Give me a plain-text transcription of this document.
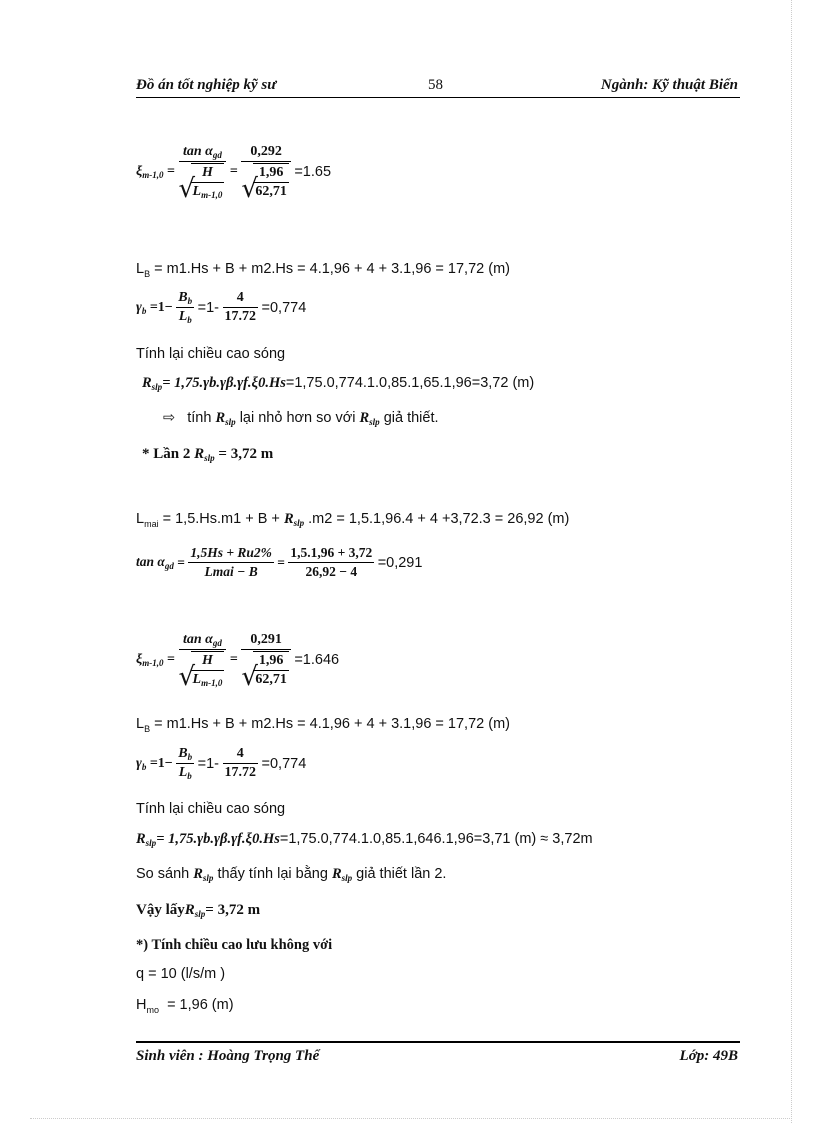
Đồ án tốt nghiệp kỹ sư	58	Ngành: Kỹ thuật Biển
$\xi_{m-1,0} = \tan \alpha_{gd}$
√ $\frac{H}{L_{m-1,0}} = 0,292$
√ $\frac{1,96}{62,71} =1.65$
$L_B = m1.Hs + B + m2.Hs = 4.1,96 + 4 + 3.1,96 = 17,72$ (m)
$\gamma_b =1- \frac{B_b}{L_b} =1- \frac{4}{17.72} =0,774$
Tính lại chiều cao sóng
$R_{slp}= 1,75.\gamma b.\gamma\beta.\gamma f.\xi 0.Hs=1,75.0,774.1.0,85.1,65.1,96=3,72$ (m)
⇨ tính $R_{slp}$ lại nhỏ hơn so với $R_{slp}$ giả thiết.
* Lần 2 $R_{slp} = 3,72$ m
$L_{mai} = 1,5.Hs.m1 + B + R_{slp}$ .m2 = 1,5.1,96.4 + 4 +3,72.3 = 26,92 (m)
$\tan \alpha_{gd} = \frac{1,5Hs + Ru2\%}{\text{Lmai − B}} = \frac{1,5.1,96 + 3,72}{26,92 - 4} =0,291$
$\xi_{m-1,0} = \tan \alpha_{gd}$
√ $\frac{H}{L_{m-1,0}} = 0,291$
√ $\frac{1,96}{62,71} =1.646$
$L_B = m1.Hs + B + m2.Hs = 4.1,96 + 4 + 3.1,96 = 17,72$ (m)
$\gamma_b =1- \frac{B_b}{L_b} =1- \frac{4}{17.72} =0,774$
Tính lại chiều cao sóng
$R_{slp}= 1,75.\gamma b.\gamma\beta.\gamma f.\xi 0.Hs=1,75.0,774.1.0,85.1,646.1,96=3,71$ (m) ≈ 3,72m
So sánh $R_{slp}$ thấy tính lại bằng $R_{slp}$ giả thiết lần 2.
Vậy lấyR$_{slp}$= 3,72 m
*) Tính chiều cao lưu không với
q = 10 (l/s/m )
$H_{mo} = 1,96$ (m)
Sinh viên : Hoàng Trọng Thể	Lớp: 49B
